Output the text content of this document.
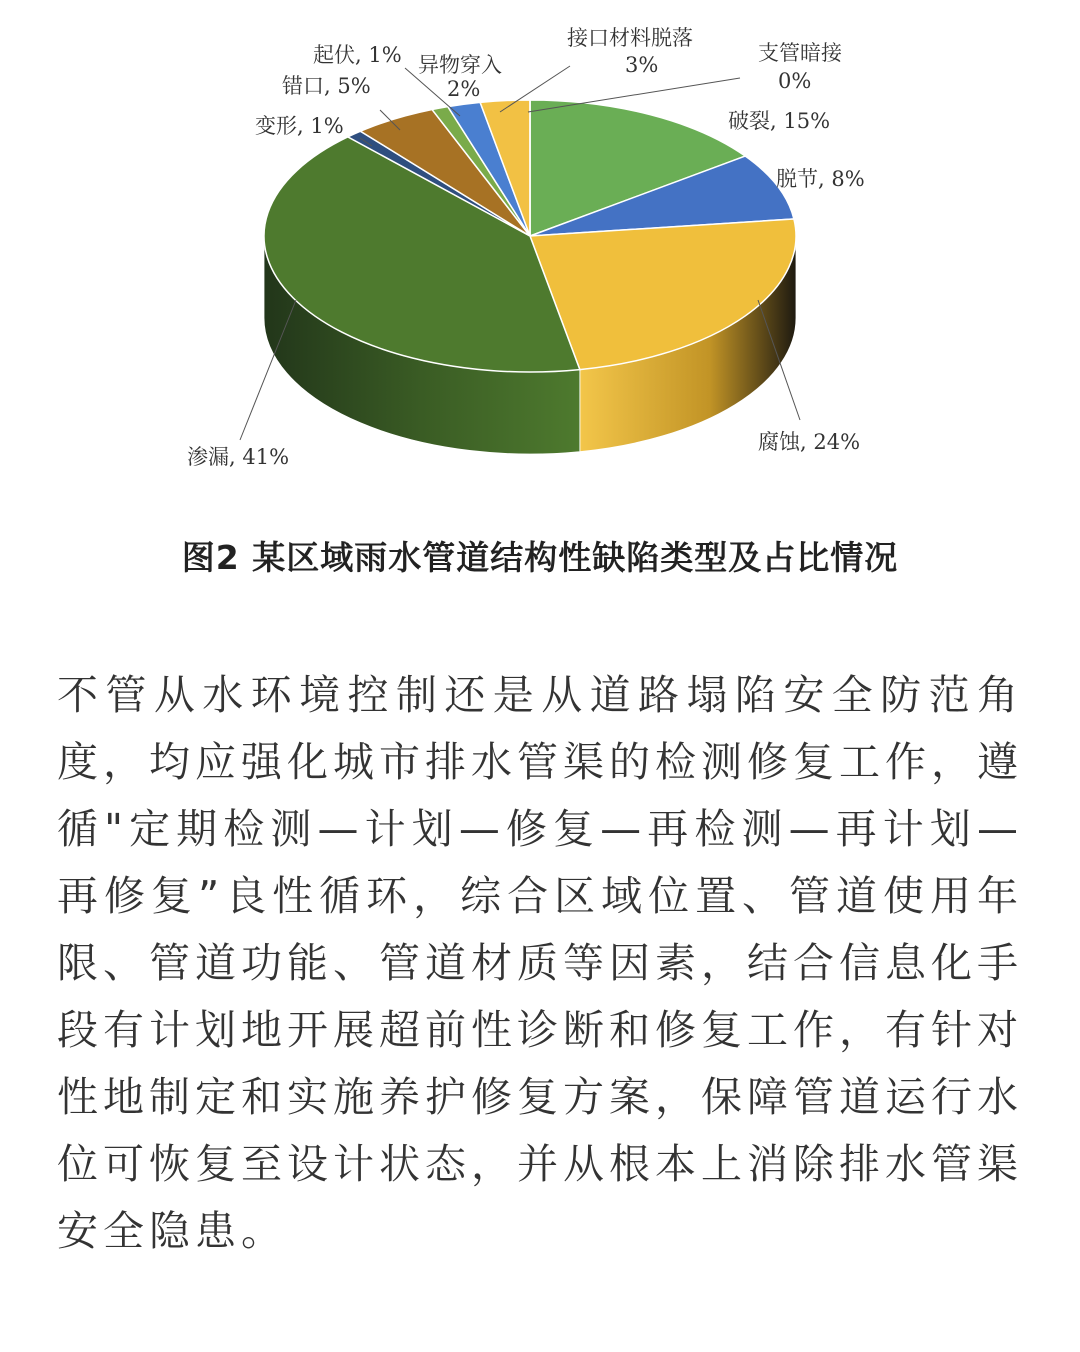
破裂, 15%
脱节, 8%
腐蚀, 24%
渗漏, 41%
变形, 1%
错口, 5%
起伏, 1% 异物穿入
2%
接口材料脱落
3%	支管暗接
0%
图2 某区域雨水管道结构性缺陷类型及占比情况

不管从水环境控制还是从道路塌陷安全防范角度，均应强化城市排水管渠的检测修复工作，遵循"定期检测—计划—修复—再检测—再计划—再修复”良性循环，综合区域位置、管道使用年限、管道功能、管道材质等因素，结合信息化手段有计划地开展超前性诊断和修复工作，有针对性地制定和实施养护修复方案，保障管道运行水位可恢复至设计状态，并从根本上消除排水管渠安全隐患。
